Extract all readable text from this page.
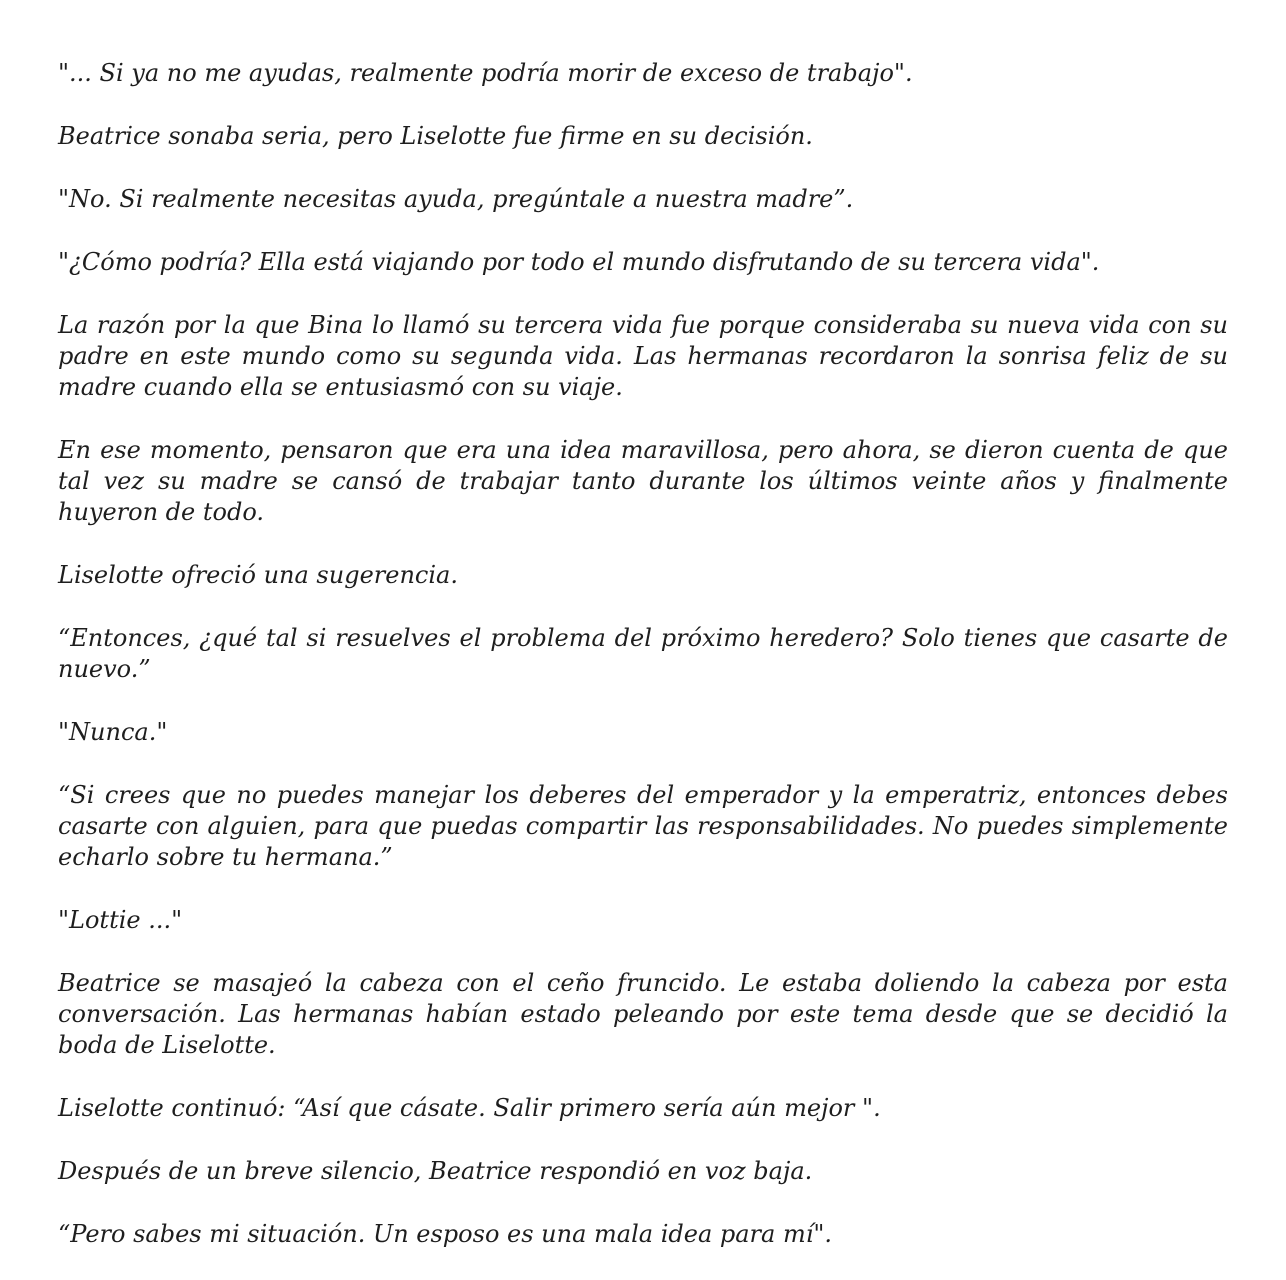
"... Si ya no me ayudas, realmente podría morir de exceso de trabajo".

Beatrice sonaba seria, pero Liselotte fue firme en su decisión.

"No. Si realmente necesitas ayuda, pregúntale a nuestra madre”.

"¿Cómo podría? Ella está viajando por todo el mundo disfrutando de su tercera vida".

La razón por la que Bina lo llamó su tercera vida fue porque consideraba su nueva vida con su padre en este mundo como su segunda vida. Las hermanas recordaron la sonrisa feliz de su madre cuando ella se entusiasmó con su viaje.

En ese momento, pensaron que era una idea maravillosa, pero ahora, se dieron cuenta de que tal vez su madre se cansó de trabajar tanto durante los últimos veinte años y finalmente huyeron de todo.

Liselotte ofreció una sugerencia.

“Entonces, ¿qué tal si resuelves el problema del próximo heredero? Solo tienes que casarte de nuevo.”

"Nunca."

“Si crees que no puedes manejar los deberes del emperador y la emperatriz, entonces debes casarte con alguien, para que puedas compartir las responsabilidades. No puedes simplemente echarlo sobre tu hermana.”

"Lottie ..."

Beatrice se masajeó la cabeza con el ceño fruncido. Le estaba doliendo la cabeza por esta conversación. Las hermanas habían estado peleando por este tema desde que se decidió la boda de Liselotte.

Liselotte continuó: “Así que cásate. Salir primero sería aún mejor ".

Después de un breve silencio, Beatrice respondió en voz baja.

“Pero sabes mi situación. Un esposo es una mala idea para mí".
